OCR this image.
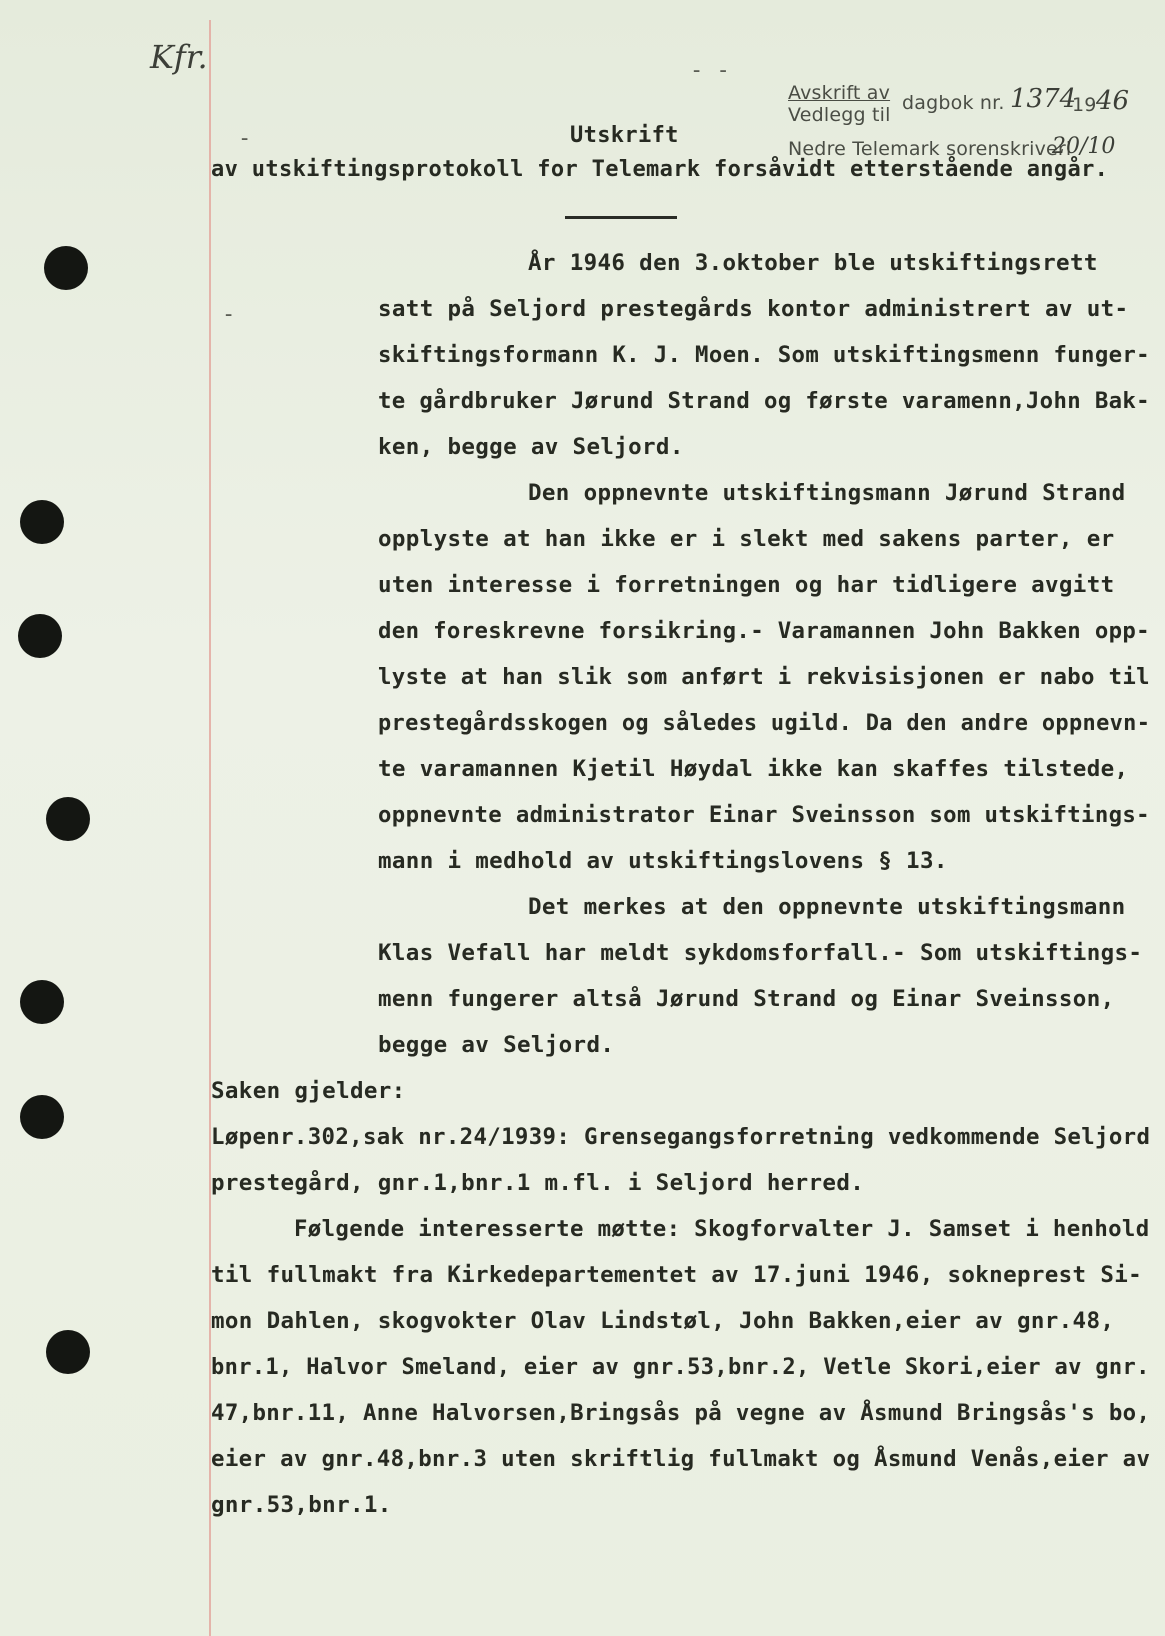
Kfr.	- -
-
-
Avskrift av
Vedlegg til
dagbok nr. 1374
19 46
Nedre Telemark sorenskriveri
20/10
Utskrift
av utskiftingsprotokoll for Telemark forsåvidt etterstående angår.
År 1946 den 3.oktober ble utskiftingsrett
satt på Seljord prestegårds kontor administrert av ut-
skiftingsformann K. J. Moen. Som utskiftingsmenn funger-
te gårdbruker Jørund Strand og første varamenn,John Bak-
ken, begge av Seljord.
Den oppnevnte utskiftingsmann Jørund Strand
opplyste at han ikke er i slekt med sakens parter, er
uten interesse i forretningen og har tidligere avgitt
den foreskrevne forsikring.- Varamannen John Bakken opp-
lyste at han slik som anført i rekvisisjonen er nabo til
prestegårdsskogen og således ugild. Da den andre oppnevn-
te varamannen Kjetil Høydal ikke kan skaffes tilstede,
oppnevnte administrator Einar Sveinsson som utskiftings-
mann i medhold av utskiftingslovens § 13.
Det merkes at den oppnevnte utskiftingsmann
Klas Vefall har meldt sykdomsforfall.- Som utskiftings-
menn fungerer altså Jørund Strand og Einar Sveinsson,
begge av Seljord.
Saken gjelder:
Løpenr.302,sak nr.24/1939: Grensegangsforretning vedkommende Seljord
prestegård, gnr.1,bnr.1 m.fl. i Seljord herred.
Følgende interesserte møtte: Skogforvalter J. Samset i henhold
til fullmakt fra Kirkedepartementet av 17.juni 1946, sokneprest Si-
mon Dahlen, skogvokter Olav Lindstøl, John Bakken,eier av gnr.48,
bnr.1, Halvor Smeland, eier av gnr.53,bnr.2, Vetle Skori,eier av gnr.
47,bnr.11, Anne Halvorsen,Bringsås på vegne av Åsmund Bringsås's bo,
eier av gnr.48,bnr.3 uten skriftlig fullmakt og Åsmund Venås,eier av
gnr.53,bnr.1.
